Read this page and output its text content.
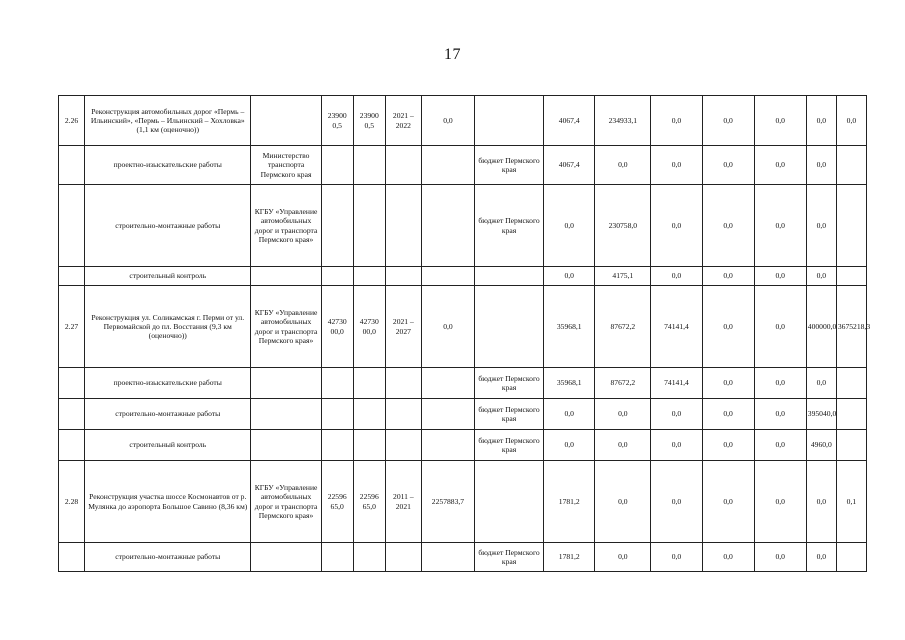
17
2.26	Реконструкция автомобильных дорог «Пермь – Ильинский», «Пермь – Ильинский – Хохловка» (1,1 км (оценочно))		23900 0,5	23900 0,5	2021 – 2022	0,0		4067,4	234933,1	0,0	0,0	0,0	0,0	0,0
	проектно-изыскательские работы	Министерство транспорта Пермского края					бюджет Пермского края	4067,4	0,0	0,0	0,0	0,0	0,0	
	строительно-монтажные работы	КГБУ «Управление автомобильных дорог и транспорта Пермского края»					бюджет Пермского края	0,0	230758,0	0,0	0,0	0,0	0,0	
	строительный контроль							0,0	4175,1	0,0	0,0	0,0	0,0	
2.27	Реконструкция ул. Соликамская г. Перми от ул. Первомайской до пл. Восстания (9,3 км (оценочно))	КГБУ «Управление автомобильных дорог и транспорта Пермского края»	42730 00,0	42730 00,0	2021 – 2027	0,0		35968,1	87672,2	74141,4	0,0	0,0	400000,0	3675218,3
	проектно-изыскательские работы						бюджет Пермского края	35968,1	87672,2	74141,4	0,0	0,0	0,0	
	строительно-монтажные работы						бюджет Пермского края	0,0	0,0	0,0	0,0	0,0	395040,0	
	строительный контроль						бюджет Пермского края	0,0	0,0	0,0	0,0	0,0	4960,0	
2.28	Реконструкция участка шоссе Космонавтов от р. Мулянка до аэропорта Большое Савино (8,36 км)	КГБУ «Управление автомобильных дорог и транспорта Пермского края»	22596 65,0	22596 65,0	2011 – 2021	2257883,7		1781,2	0,0	0,0	0,0	0,0	0,0	0,1
	строительно-монтажные работы						бюджет Пермского края	1781,2	0,0	0,0	0,0	0,0	0,0	
